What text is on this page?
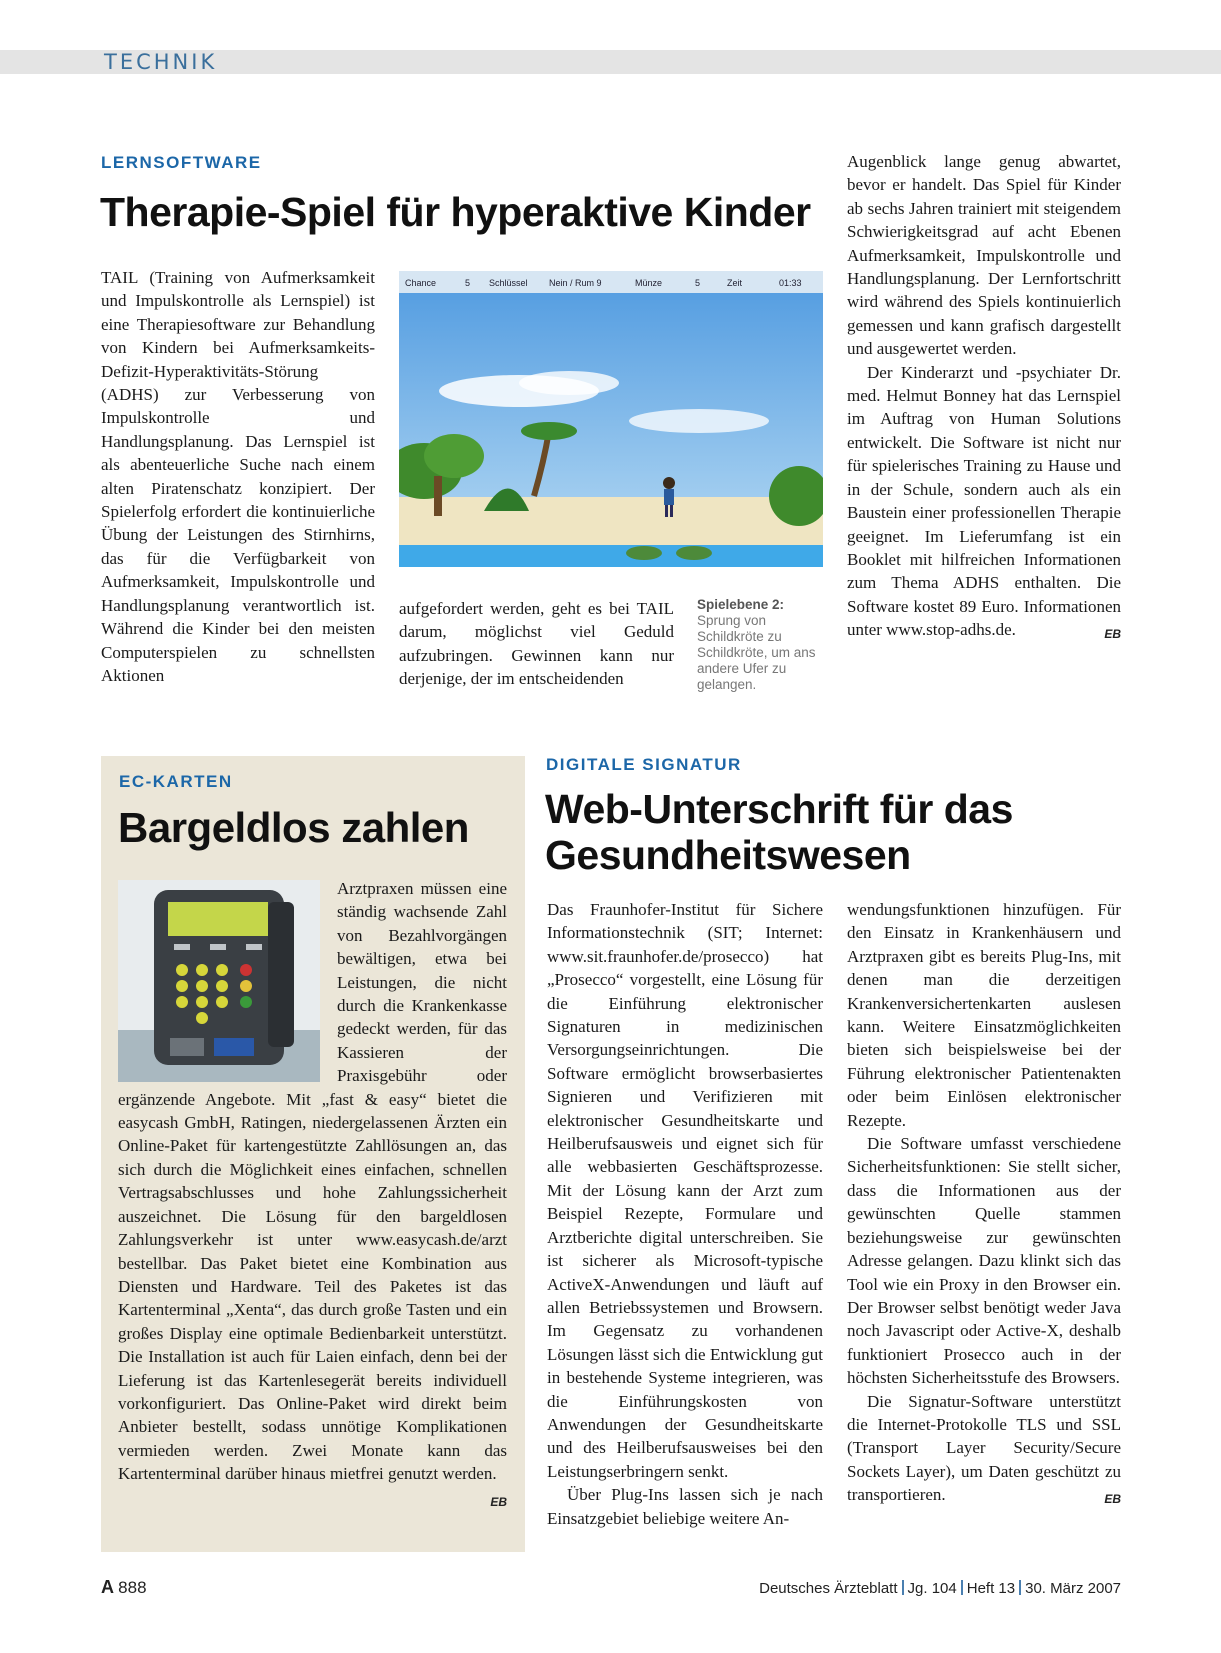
TECHNIK
LERNSOFTWARE
Therapie-Spiel für hyperaktive Kinder

TAIL (Training von Aufmerksamkeit und Impulskontrolle als Lernspiel) ist eine Therapiesoftware zur Behandlung von Kindern bei Aufmerksamkeits-Defizit-Hyperaktivitäts-Störung (ADHS) zur Verbesserung von Impulskontrolle und Handlungsplanung. Das Lernspiel ist als abenteuerliche Suche nach einem alten Piratenschatz konzipiert. Der Spielerfolg erfordert die kontinuierliche Übung der Leistungen des Stirnhirns, das für die Verfügbarkeit von Aufmerksamkeit, Impulskontrolle und Handlungsplanung verantwortlich ist. Während die Kinder bei den meisten Computerspielen zu schnellsten Aktionen

Chance	5 Schlüssel Nein / Rum 9	Münze	5	Zeit	01:33

aufgefordert werden, geht es bei TAIL darum, möglichst viel Geduld aufzubringen. Gewinnen kann nur derjenige, der im entscheidenden

Spielebene 2:
Sprung von Schildkröte zu Schildkröte, um ans andere Ufer zu gelangen.

Augenblick lange genug abwartet, bevor er handelt. Das Spiel für Kinder ab sechs Jahren trainiert mit steigendem Schwierigkeitsgrad auf acht Ebenen Aufmerksamkeit, Impulskontrolle und Handlungsplanung. Der Lernfortschritt wird während des Spiels kontinuierlich gemessen und kann grafisch dargestellt und ausgewertet werden.

Der Kinderarzt und -psychiater Dr. med. Helmut Bonney hat das Lernspiel im Auftrag von Human Solutions entwickelt. Die Software ist nicht nur für spielerisches Training zu Hause und in der Schule, sondern auch als ein Baustein einer professionellen Therapie geeignet. Im Lieferumfang ist ein Booklet mit hilfreichen Informationen zum Thema ADHS enthalten. Die Software kostet 89 Euro. Informationen unter www.stop-adhs.de.	EB

EC-KARTEN
Bargeldlos zahlen
Arztpraxen müssen eine ständig wachsende Zahl von Bezahlvorgängen bewältigen, etwa bei Leistungen, die nicht durch die Krankenkasse gedeckt werden, für das Kassieren der Praxisgebühr oder ergänzende Angebote. Mit „fast & easy“ bietet die easycash GmbH, Ratingen, niedergelassenen Ärzten ein Online-Paket für kartengestützte Zahllösungen an, das sich durch die Möglichkeit eines einfachen, schnellen Vertragsabschlusses und hohe Zahlungssicherheit auszeichnet. Die Lösung für den bargeldlosen Zahlungsverkehr ist unter www.easycash.de/arzt bestellbar. Das Paket bietet eine Kombination aus Diensten und Hardware. Teil des Paketes ist das Kartenterminal „Xenta“, das durch große Tasten und ein großes Display eine optimale Bedienbarkeit unterstützt. Die Installation ist auch für Laien einfach, denn bei der Lieferung ist das Kartenlesegerät bereits individuell vorkonfiguriert. Das Online-Paket wird direkt beim Anbieter bestellt, sodass unnötige Komplikationen vermieden werden. Zwei Monate kann das Kartenterminal darüber hinaus mietfrei genutzt werden.
EB
DIGITALE SIGNATUR
Web-Unterschrift für das
Gesundheitswesen

Das Fraunhofer-Institut für Sichere Informationstechnik (SIT; Internet: www.sit.fraunhofer.de/prosecco) hat „Prosecco“ vorgestellt, eine Lösung für die Einführung elektronischer Signaturen in medizinischen Versorgungseinrichtungen. Die Software ermöglicht browserbasiertes Signieren und Verifizieren mit elektronischer Gesundheitskarte und Heilberufsausweis und eignet sich für alle webbasierten Geschäftsprozesse. Mit der Lösung kann der Arzt zum Beispiel Rezepte, Formulare und Arztberichte digital unterschreiben. Sie ist sicherer als Microsoft-typische ActiveX-Anwendungen und läuft auf allen Betriebssystemen und Browsern. Im Gegensatz zu vorhandenen Lösungen lässt sich die Entwicklung gut in bestehende Systeme integrieren, was die Einführungskosten von Anwendungen der Gesundheitskarte und des Heilberufsausweises bei den Leistungserbringern senkt.

Über Plug-Ins lassen sich je nach Einsatzgebiet beliebige weitere An-

wendungsfunktionen hinzufügen. Für den Einsatz in Krankenhäusern und Arztpraxen gibt es bereits Plug-Ins, mit denen man die derzeitigen Krankenversichertenkarten auslesen kann. Weitere Einsatzmöglichkeiten bieten sich beispielsweise bei der Führung elektronischer Patientenakten oder beim Einlösen elektronischer Rezepte.

Die Software umfasst verschiedene Sicherheitsfunktionen: Sie stellt sicher, dass die Informationen aus der gewünschten Quelle stammen beziehungsweise zur gewünschten Adresse gelangen. Dazu klinkt sich das Tool wie ein Proxy in den Browser ein. Der Browser selbst benötigt weder Java noch Javascript oder Active-X, deshalb funktioniert Prosecco auch in der höchsten Sicherheitsstufe des Browsers.

Die Signatur-Software unterstützt die Internet-Protokolle TLS und SSL (Transport Layer Security/Secure Sockets Layer), um Daten geschützt zu transportieren.	EB

A 888	Deutsches Ärzteblatt Jg. 104 Heft 13 30. März 2007
